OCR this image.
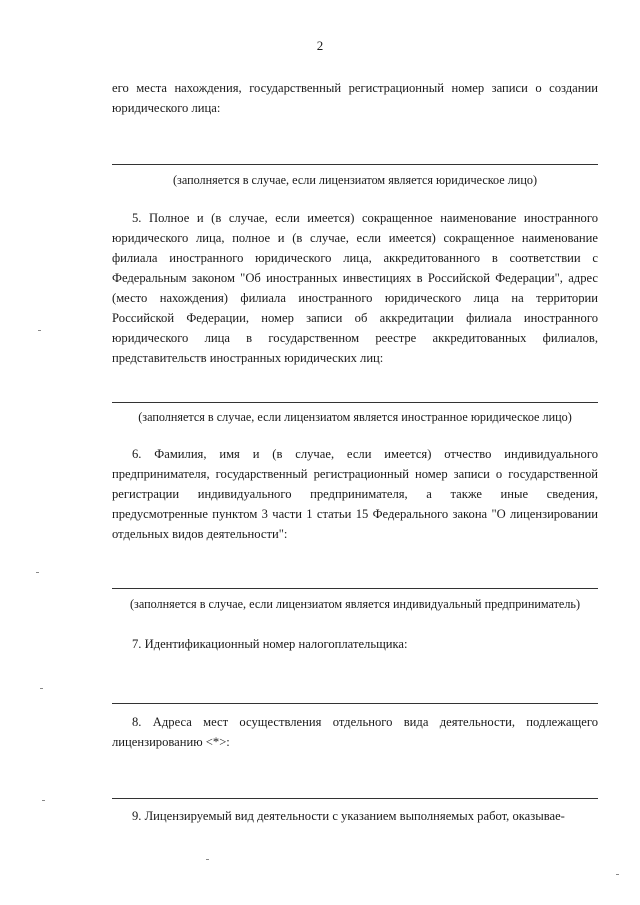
2

его места нахождения, государственный регистрационный номер записи о создании юридического лица:

(заполняется в случае, если лицензиатом является юридическое лицо)

5. Полное и (в случае, если имеется) сокращенное наименование иностранного юридического лица, полное и (в случае, если имеется) сокращенное наименование филиала иностранного юридического лица, аккредитованного в соответствии с Федеральным законом "Об иностранных инвестициях в Российской Федерации", адрес (место нахождения) филиала иностранного юридического лица на территории Российской Федерации, номер записи об аккредитации филиала иностранного юридического лица в государственном реестре аккредитованных филиалов, представительств иностранных юридических лиц:

(заполняется в случае, если лицензиатом является иностранное юридическое лицо)

6. Фамилия, имя и (в случае, если имеется) отчество индивидуального предпринимателя, государственный регистрационный номер записи о государственной регистрации индивидуального предпринимателя, а также иные сведения, предусмотренные пунктом 3 части 1 статьи 15 Федерального закона "О лицензировании отдельных видов деятельности":

(заполняется в случае, если лицензиатом является индивидуальный предприниматель)

7. Идентификационный номер налогоплательщика:

8. Адреса мест осуществления отдельного вида деятельности, подлежащего лицензированию <*>:

9. Лицензируемый вид деятельности с указанием выполняемых работ, оказывае-
